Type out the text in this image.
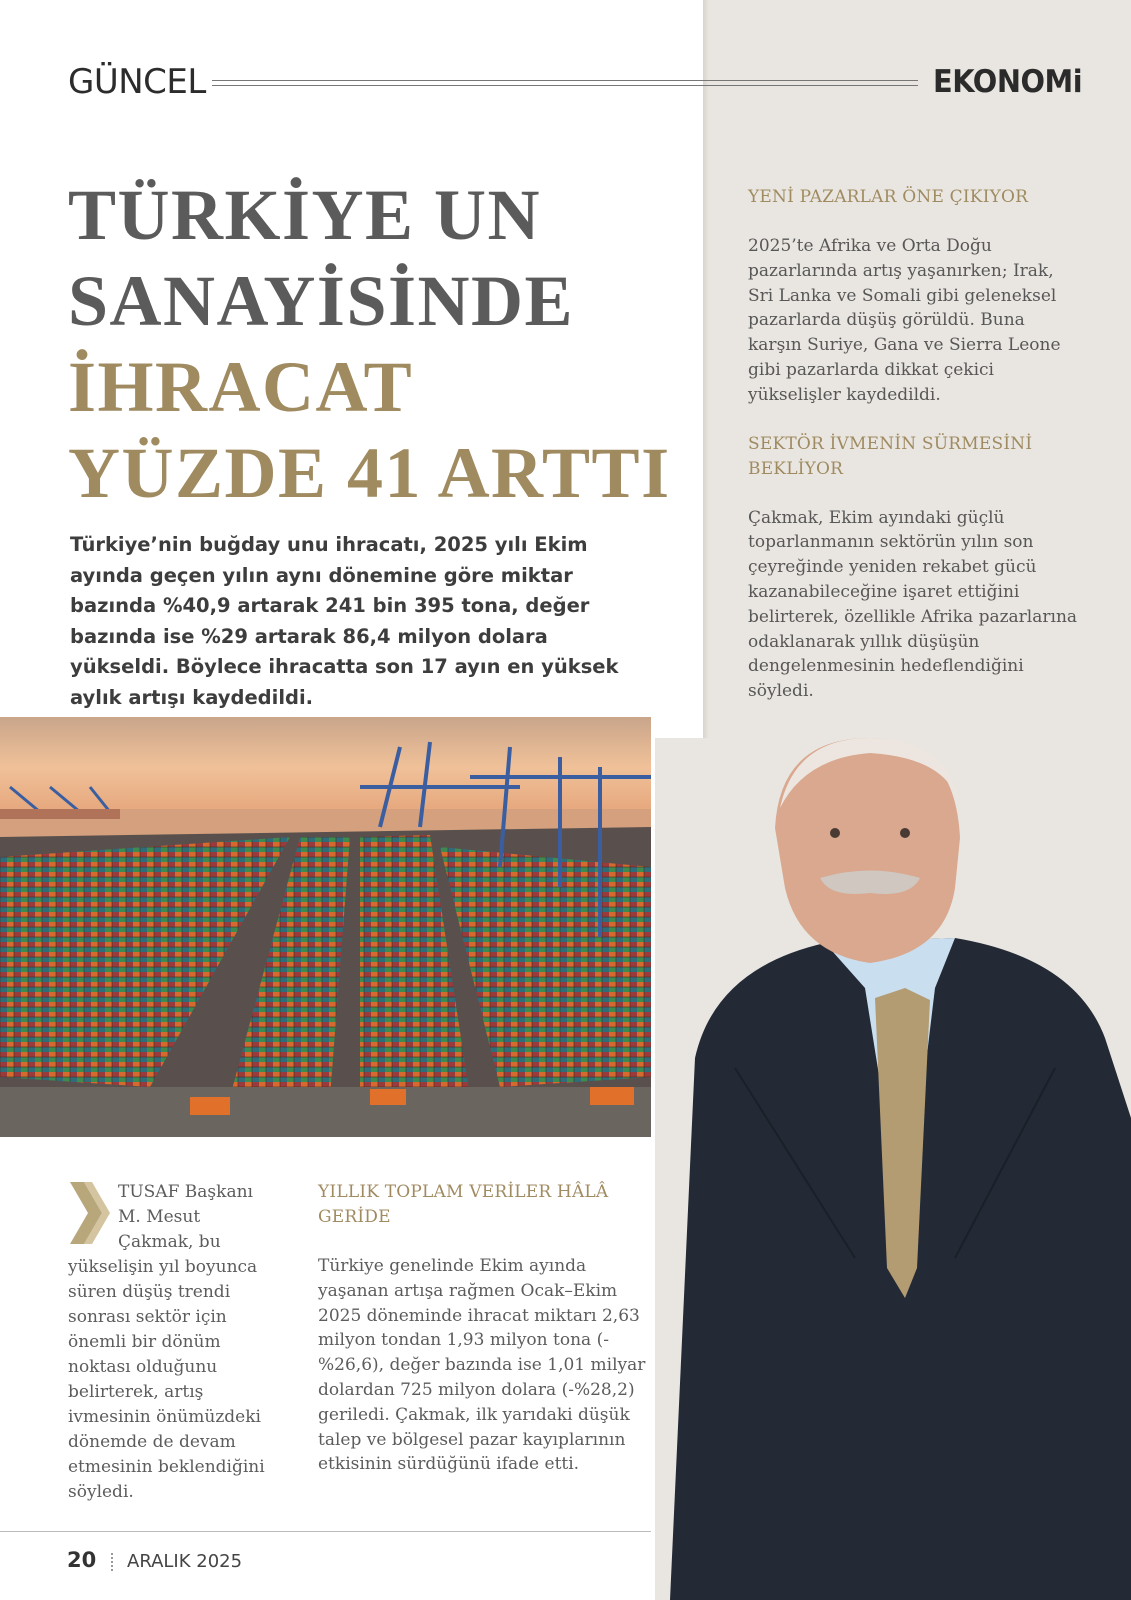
GÜNCEL	EKONOMi
TÜRKİYE UN
SANAYİSİNDE
İHRACAT
YÜZDE 41 ARTTI

Türkiye’nin buğday unu ihracatı, 2025 yılı Ekim ayında geçen yılın aynı dönemine göre miktar bazında %40,9 artarak 241 bin 395 tona, değer bazında ise %29 artarak 86,4 milyon dolara yükseldi. Böylece ihracatta son 17 ayın en yüksek aylık artışı kaydedildi.

TUSAF Başkanı M. Mesut Çakmak, bu yükselişin yıl boyunca süren düşüş trendi sonrası sektör için önemli bir dönüm noktası olduğunu belirterek, artış ivmesinin önümüzdeki dönemde de devam etmesinin beklendiğini söyledi.
YILLIK TOPLAM VERİLER HÂLÂ GERİDE
Türkiye genelinde Ekim ayında yaşanan artışa rağmen Ocak–Ekim 2025 döneminde ihracat miktarı 2,63 milyon tondan 1,93 milyon tona (-%26,6), değer bazında ise 1,01 milyar dolardan 725 milyon dolara (-%28,2) geriledi. Çakmak, ilk yarıdaki düşük talep ve bölgesel pazar kayıplarının etkisinin sürdüğünü ifade etti.
YENİ PAZARLAR ÖNE ÇIKIYOR
2025’te Afrika ve Orta Doğu pazarlarında artış yaşanırken; Irak, Sri Lanka ve Somali gibi geleneksel pazarlarda düşüş görüldü. Buna karşın Suriye, Gana ve Sierra Leone gibi pazarlarda dikkat çekici yükselişler kaydedildi.
SEKTÖR İVMENİN SÜRMESİNİ BEKLİYOR
Çakmak, Ekim ayındaki güçlü toparlanmanın sektörün yılın son çeyreğinde yeniden rekabet gücü kazanabileceğine işaret ettiğini belirterek, özellikle Afrika pazarlarına odaklanarak yıllık düşüşün dengelenmesinin hedeflendiğini söyledi.
20 ARALIK 2025
